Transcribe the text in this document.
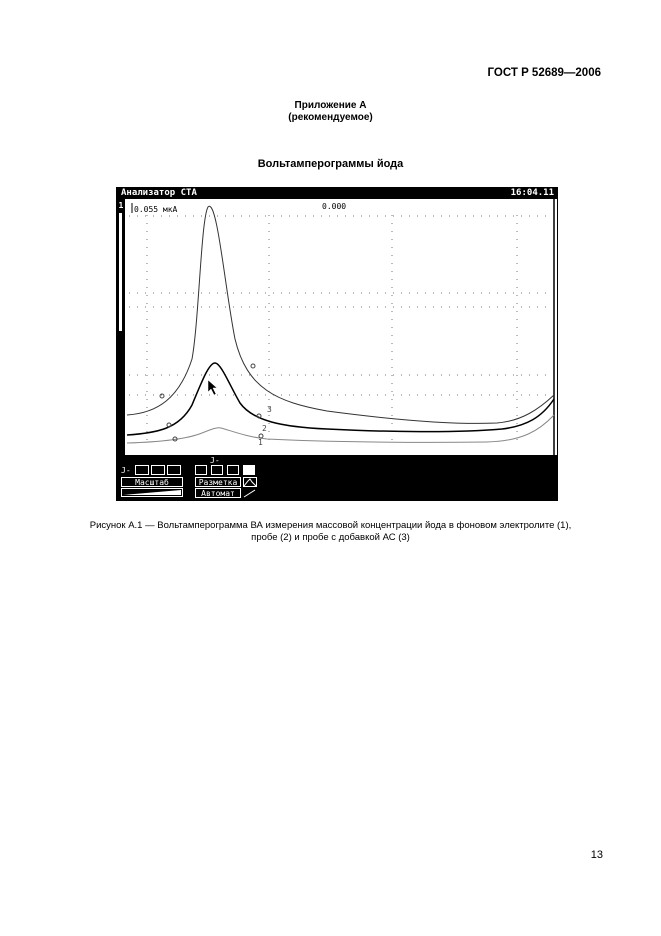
ГОСТ Р 52689—2006
Приложение А
(рекомендуемое)
Вольтамперограммы йода
Анализатор СТА	16:04.11
1 0.055 мкА	0.000
3
2
1
J-
J-
Масштаб	Разметка
Автомат
Рисунок А.1 — Вольтамперограмма ВА измерения массовой концентрации йода в фоновом электролите (1),
пробе (2) и пробе с добавкой АС (3)
13
